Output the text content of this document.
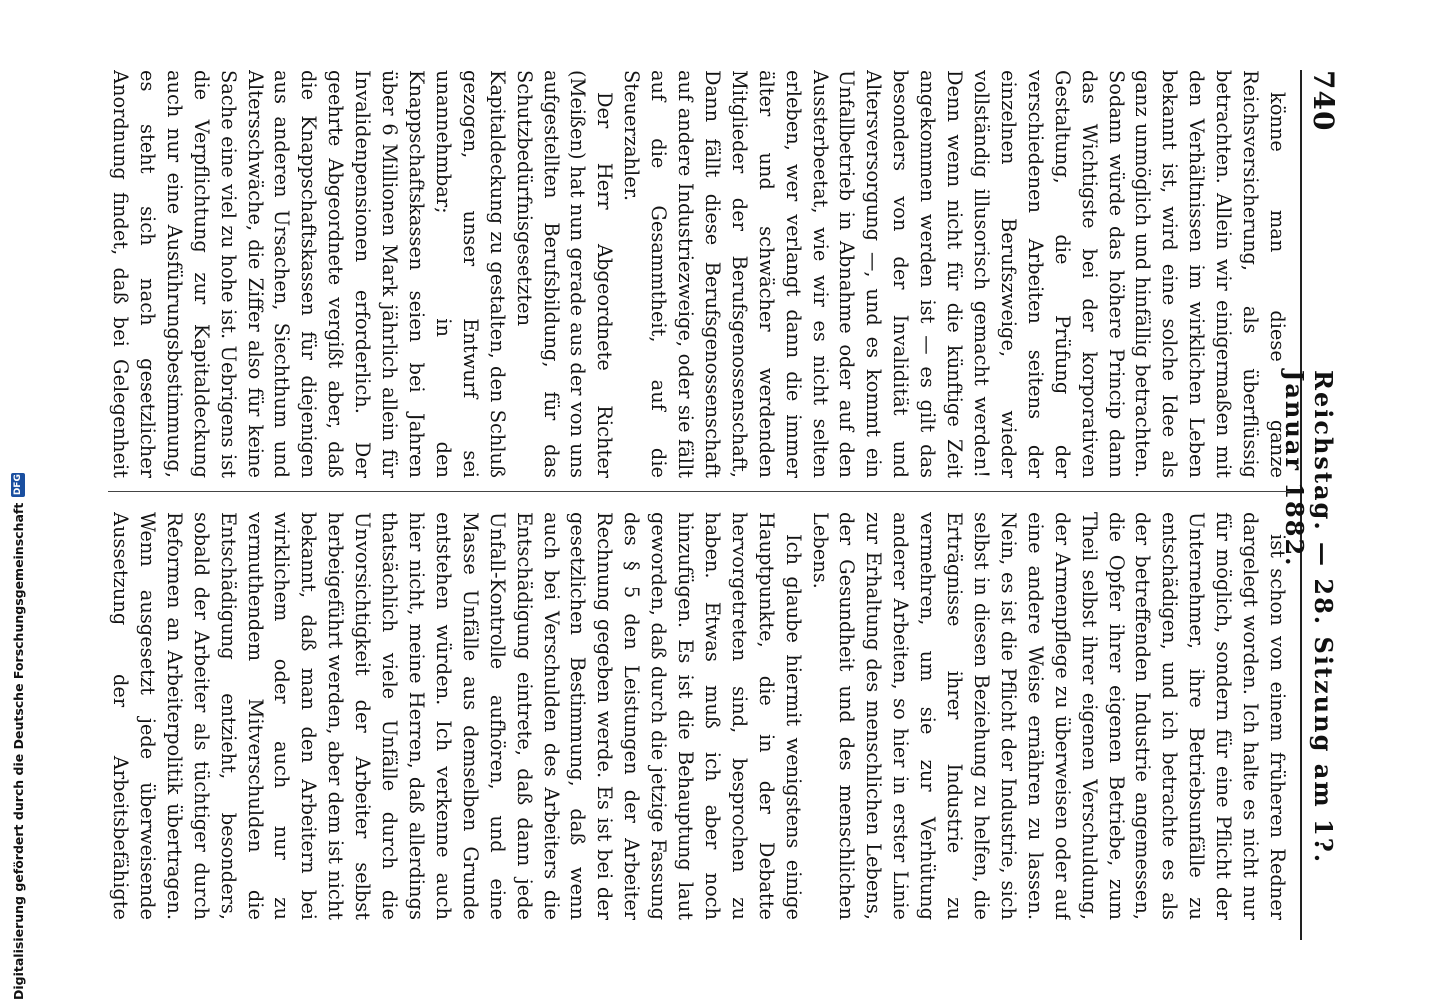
740
Reichstag. — 28. Sitzung am 1?. Januar 1882.

könne man diese ganze Reichsversicherung, als überflüssig betrachten. Allein wir einigermaßen mit den Verhältnissen im wirklichen Leben bekannt ist, wird eine solche Idee als ganz unmöglich und hinfällig betrachten. Sodann würde das höhere Princip dann das Wichtigste bei der korporativen Gestaltung, die Prüfung der verschiedenen Arbeiten seitens der einzelnen Berufszweige, wieder vollständig illusorisch gemacht werden! Denn wenn nicht für die künftige Zeit angekommen werden ist — es gilt das besonders von der Invalidität und Altersversorgung —, und es kommt ein Unfallbetrieb in Abnahme oder auf den Aussterbeetat, wie wir es nicht selten erleben, wer verlangt dann die immer älter und schwächer werdenden Mitglieder der Berufsgenossenschaft, Dann fällt diese Berufsgenossenschaft auf andere Industriezweige, oder sie fällt auf die Gesammtheit, auf die Steuerzahler.

Der Herr Abgeordnete Richter (Meißen) hat nun gerade aus der von uns aufgestellten Berufsbildung, für das Schutzbedürfnisgesetzten Kapitaldeckung zu gestalten, den Schluß gezogen, unser Entwurf sei unannehmbar; in den Knappschaftskassen seien bei Jahren über 6 Millionen Mark jährlich allein für Invalidenpensionen erforderlich. Der geehrte Abgeordnete vergißt aber, daß die Knappschaftskassen für diejenigen aus anderen Ursachen, Siechthum und Altersschwäche, die Ziffer also für keine Sache eine viel zu hohe ist. Uebrigens ist die Verpflichtung zur Kapitaldeckung auch nur eine Ausführungsbestimmung, es steht sich nach gesetzlicher Anordnung findet, daß bei Gelegenheit

ist schon von einem früheren Redner dargelegt worden. Ich halte es nicht nur für möglich, sondern für eine Pflicht der Unternehmer, ihre Betriebsunfälle zu entschädigen, und ich betrachte es als der betreffenden Industrie angemessen, die Opfer ihrer eigenen Betriebe, zum Theil selbst ihrer eigenen Verschuldung, der Armenpflege zu überweisen oder auf eine andere Weise ernähren zu lassen. Nein, es ist die Pflicht der Industrie, sich selbst in diesen Beziehung zu helfen, die Erträgnisse ihrer Industrie zu vermehren, um sie zur Verhütung anderer Arbeiten, so hier in erster Linie zur Erhaltung des menschlichen Lebens, der Gesundheit und des menschlichen Lebens.

Ich glaube hiermit wenigstens einige Hauptpunkte, die in der Debatte hervorgetreten sind, besprochen zu haben. Etwas muß ich aber noch hinzufügen. Es ist die Behauptung laut geworden, daß durch die jetzige Fassung des § 5 den Leistungen der Arbeiter Rechnung gegeben werde. Es ist bei der gesetzlichen Bestimmung, daß wenn auch bei Verschulden des Arbeiters die Entschädigung eintrete, daß dann jede Unfall-Kontrolle aufhören, und eine Masse Unfälle aus demselben Grunde entstehen würden. Ich verkenne auch hier nicht, meine Herren, daß allerdings thatsächlich viele Unfälle durch die Unvorsichtigkeit der Arbeiter selbst herbeigeführt werden, aber dem ist nicht bekannt, daß man den Arbeitern bei wirklichem oder auch nur zu vermuthendem Mitverschulden die Entschädigung entzieht, besonders, sobald der Arbeiter als tüchtiger durch Reformen an Arbeiterpolitik übertragen. Wenn ausgesetzt jede überweisende Aussetzung der Arbeitsbefähigte

Digitalisierung gefördert durch die Deutsche Forschungsgemeinschaft
DFG
